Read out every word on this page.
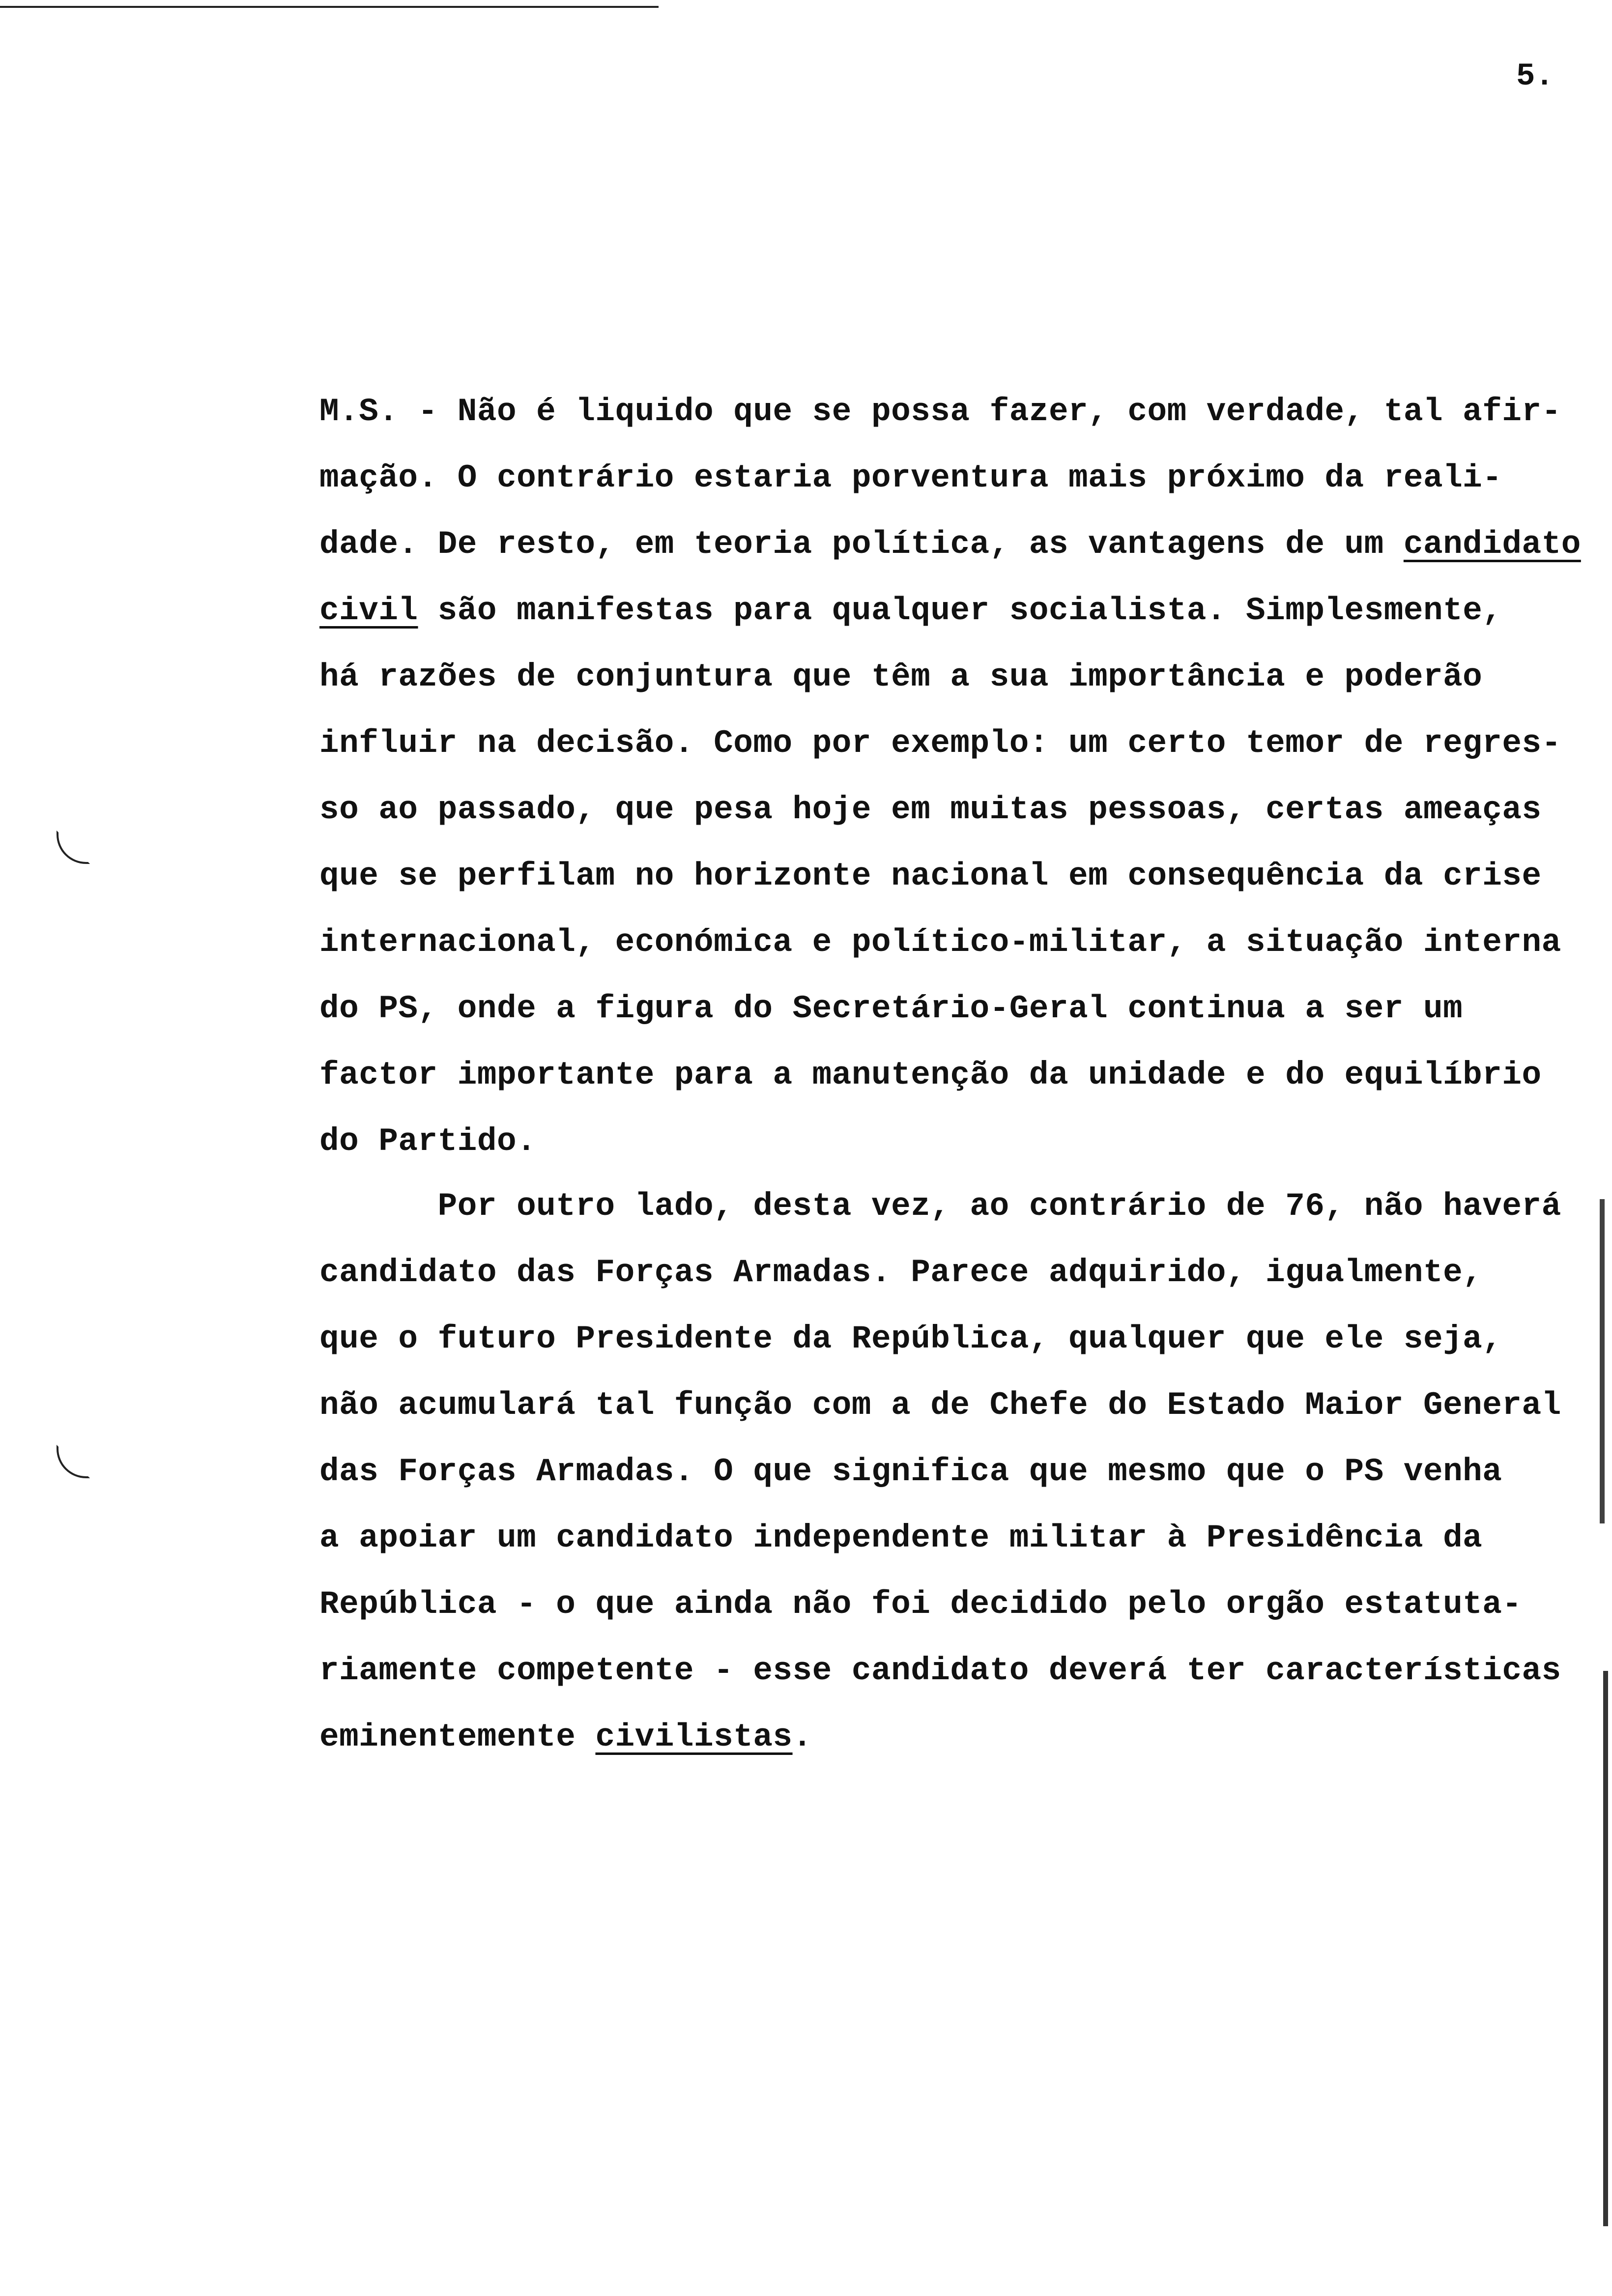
5.
M.S. - Não é liquido que se possa fazer, com verdade, tal afir-
mação. O contrário estaria porventura mais próximo da reali-
dade. De resto, em teoria política, as vantagens de um candidato
civil são manifestas para qualquer socialista. Simplesmente,
há razões de conjuntura que têm a sua importância e poderão
influir na decisão. Como por exemplo: um certo temor de regres-
so ao passado, que pesa hoje em muitas pessoas, certas ameaças
que se perfilam no horizonte nacional em consequência da crise
internacional, económica e político-militar, a situação interna
do PS, onde a figura do Secretário-Geral continua a ser um
factor importante para a manutenção da unidade e do equilíbrio
do Partido.
Por outro lado, desta vez, ao contrário de 76, não haverá
candidato das Forças Armadas. Parece adquirido, igualmente,
que o futuro Presidente da República, qualquer que ele seja,
não acumulará tal função com a de Chefe do Estado Maior General
das Forças Armadas. O que significa que mesmo que o PS venha
a apoiar um candidato independente militar à Presidência da
República - o que ainda não foi decidido pelo orgão estatuta-
riamente competente - esse candidato deverá ter características
eminentemente civilistas.
